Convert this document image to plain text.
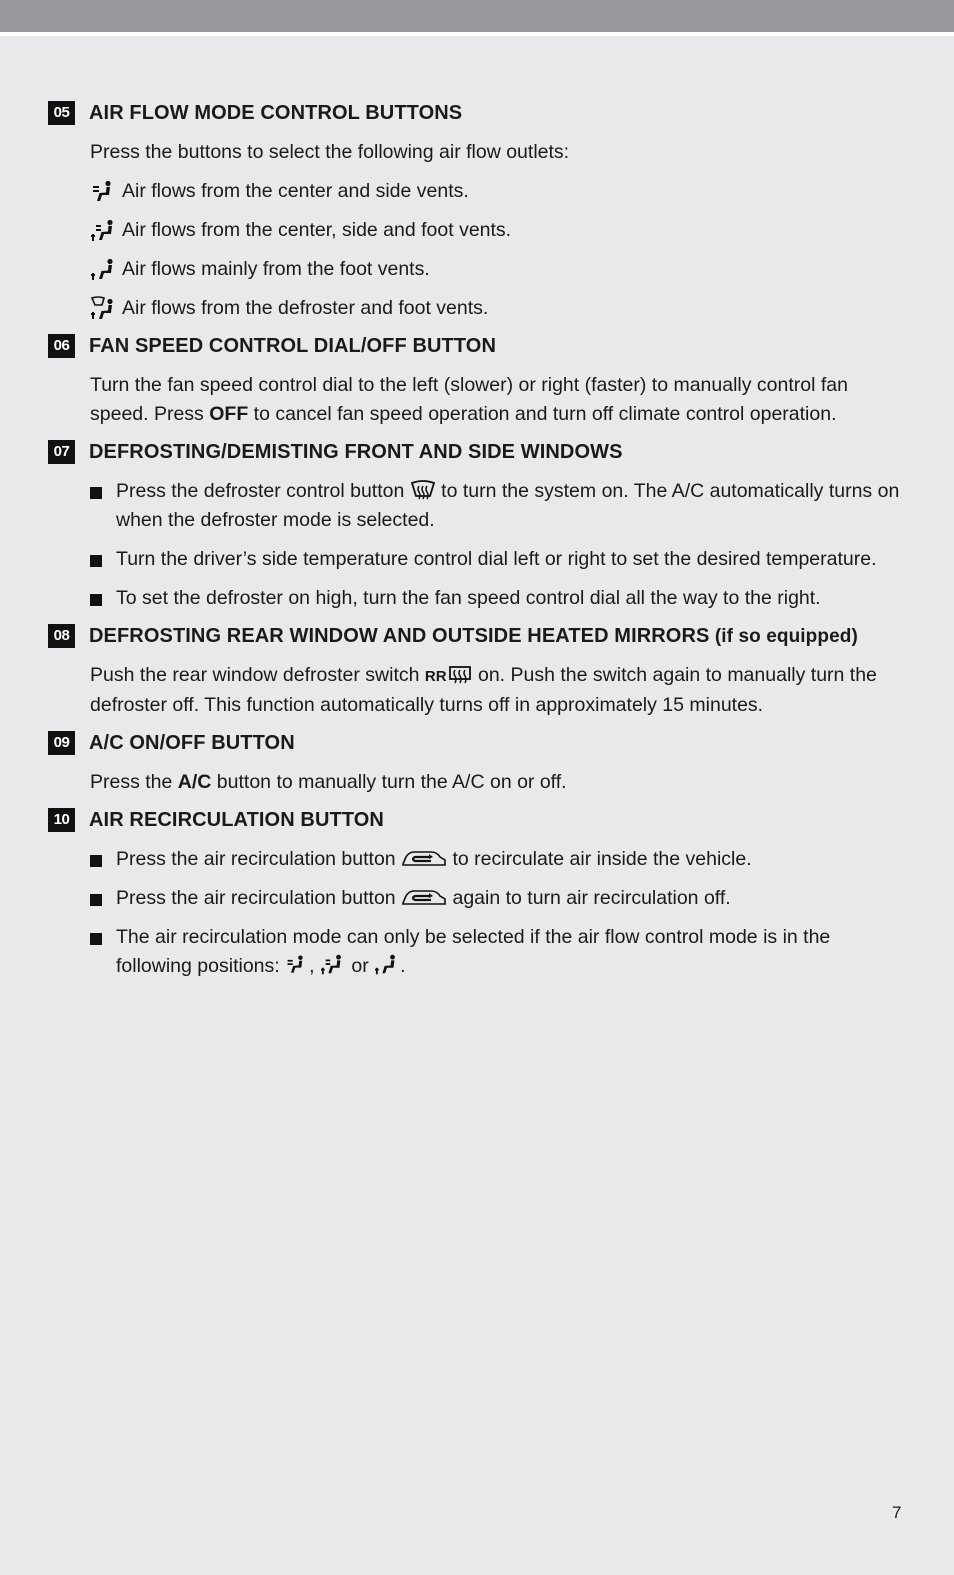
05 AIR FLOW MODE CONTROL BUTTONS
Press the buttons to select the following air flow outlets:
Air flows from the center and side vents.
Air flows from the center, side and foot vents.
Air flows mainly from the foot vents.
Air flows from the defroster and foot vents.
06 FAN SPEED CONTROL DIAL/OFF BUTTON
Turn the fan speed control dial to the left (slower) or right (faster) to manually control fan speed. Press OFF to cancel fan speed operation and turn off climate control operation.
07 DEFROSTING/DEMISTING FRONT AND SIDE WINDOWS
Press the defroster control button  to turn the system on. The A/C automatically turns on when the defroster mode is selected.
Turn the driver’s side temperature control dial left or right to set the desired temperature.
To set the defroster on high, turn the fan speed control dial all the way to the right.
08 DEFROSTING REAR WINDOW AND OUTSIDE HEATED MIRRORS (if so equipped)
Push the rear window defroster switch RR on. Push the switch again to manually turn the defroster off. This function automatically turns off in approximately 15 minutes.
09 A/C ON/OFF BUTTON
Press the A/C button to manually turn the A/C on or off.
10 AIR RECIRCULATION BUTTON
Press the air recirculation button  to recirculate air inside the vehicle.
Press the air recirculation button  again to turn air recirculation off.
The air recirculation mode can only be selected if the air flow control mode is in the following positions: ,  or .
7
